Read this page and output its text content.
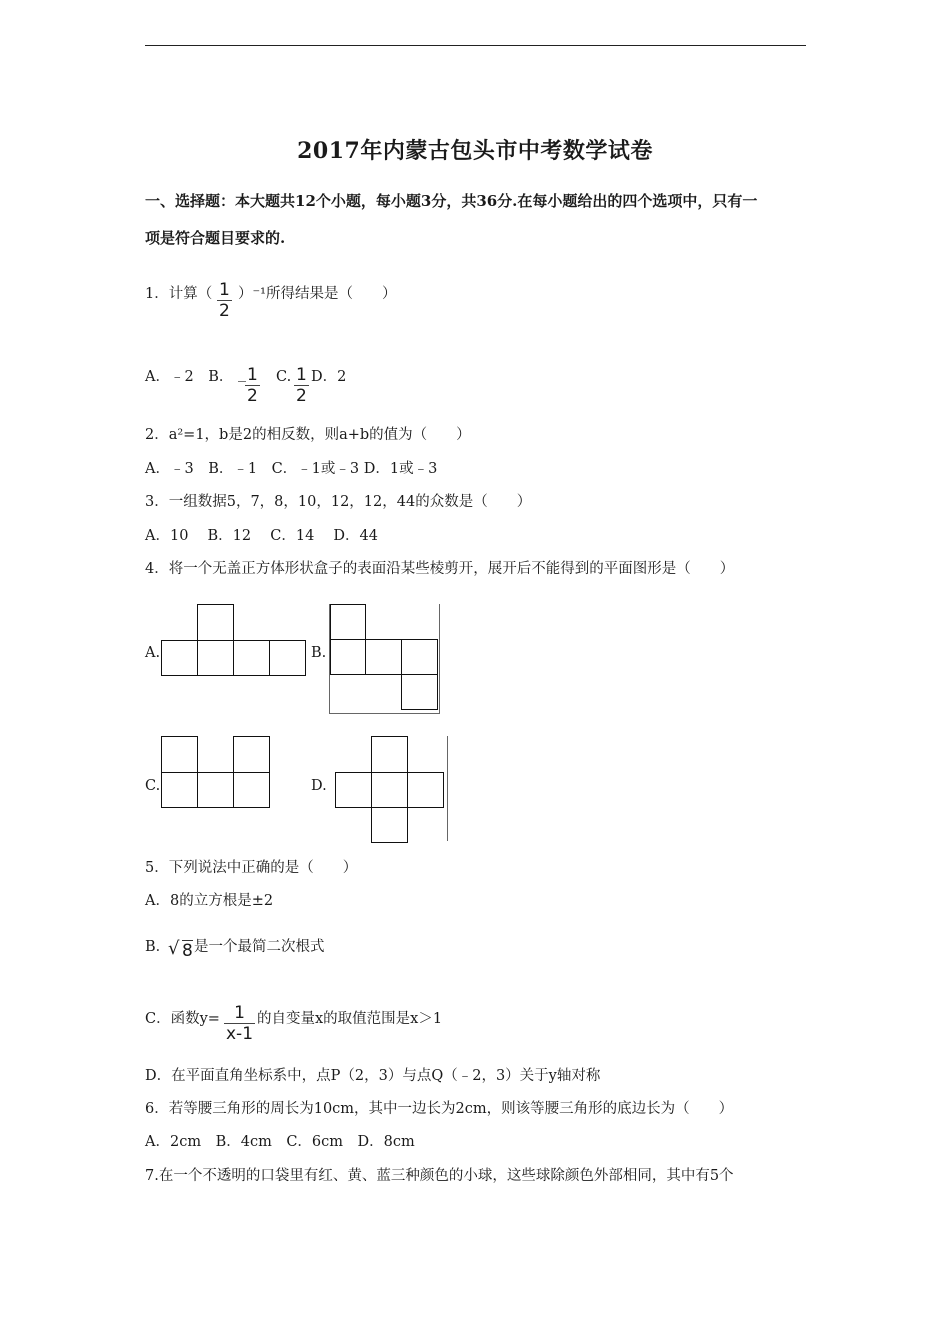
2017年内蒙古包头市中考数学试卷
一、选择题：本大题共12个小题，每小题3分，共36分.在每小题给出的四个选项中，只有一
项是符合题目要求的.
1．计算（ $\frac{1}{2} )^{-1}$所得结果是（　　）
A．﹣2　B． _ $\frac{1}{2} C$. $\frac{1}{2}$ D．2
2．a²=1，b是2的相反数，则a+b的值为（　　）
A．﹣3　B．﹣1　C．﹣1或﹣3 D．1或﹣3
3．一组数据5，7，8，10，12，12，44的众数是（　　）
A．10　 B．12　 C．14　 D．44
4．将一个无盖正方体形状盒子的表面沿某些棱剪开，展开后不能得到的平面图形是（　　）
A.	B.
C.	D.
5．下列说法中正确的是（　　）
A．8的立方根是±2
B．
√ 8 是一个最简二次根式
C．函数$y= \frac{1}{x-1}$ 的自变量x的取值范围是x＞1
D．在平面直角坐标系中，点P（2，3）与点Q（﹣2，3）关于y轴对称
6．若等腰三角形的周长为10cm，其中一边长为2cm，则该等腰三角形的底边长为（　　）
A．2cm　B．4cm　C．6cm　D．8cm
7.在一个不透明的口袋里有红、黄、蓝三种颜色的小球，这些球除颜色外部相同，其中有5个
